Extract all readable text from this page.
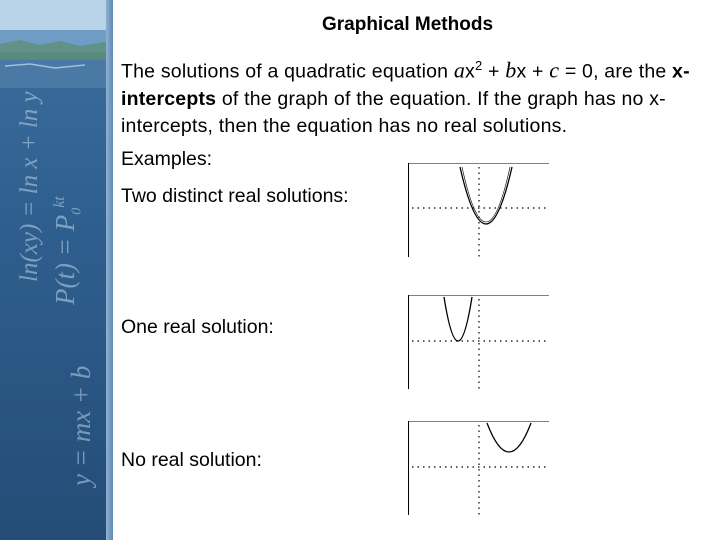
ln(xy) = ln x + ln y $P(t) = P_0^{kt}$
y = mx + b
Graphical Methods
The solutions of a quadratic equation $ax^2$ + bx + c = 0, are the x-intercepts of the graph of the equation. If the graph has no x-intercepts, then the equation has no real solutions.
Examples:
Two distinct real solutions:
One real solution:
No real solution:
